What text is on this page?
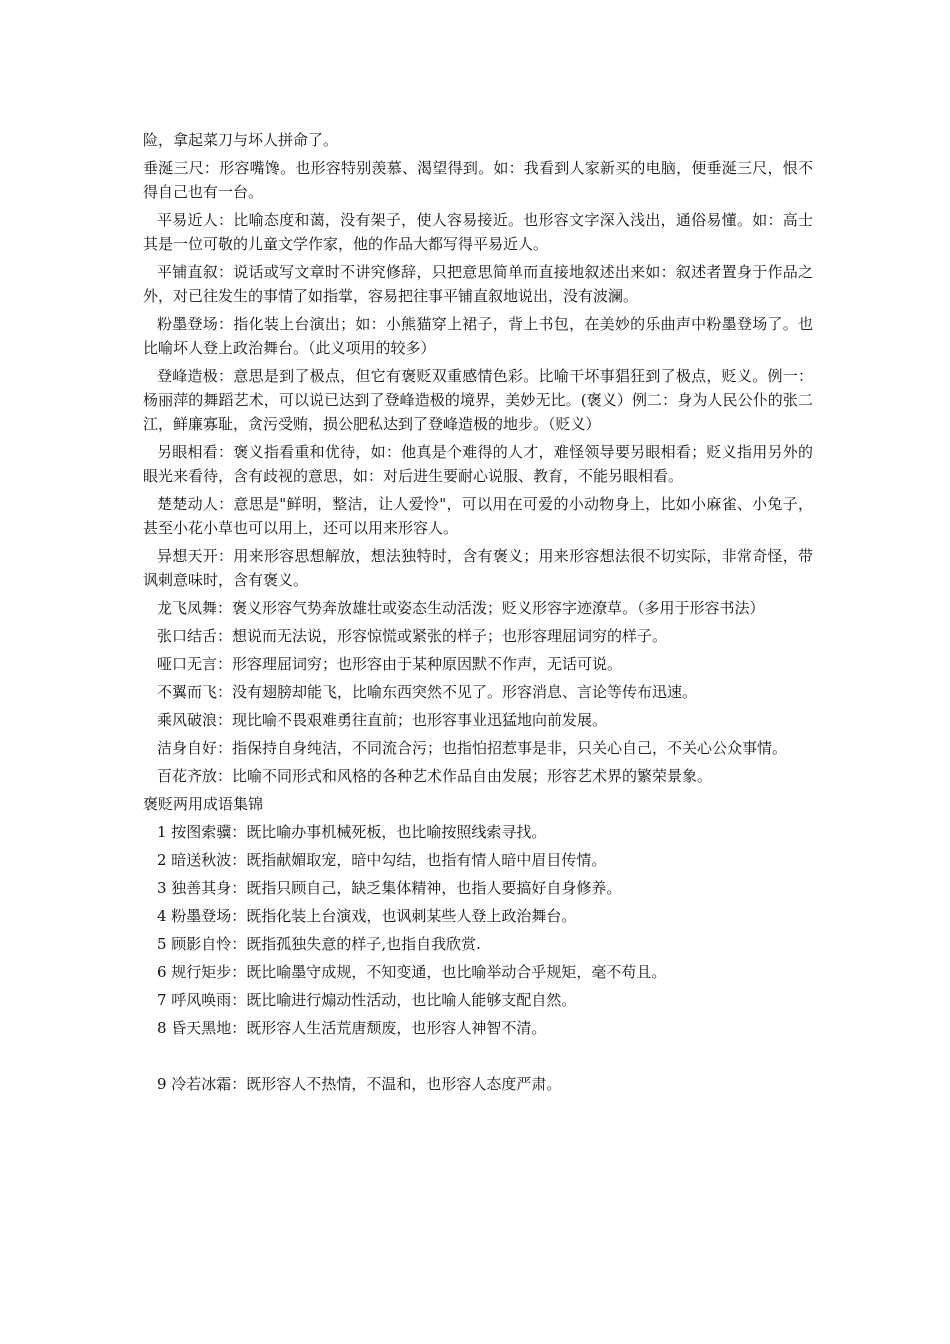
险，拿起菜刀与坏人拼命了。

垂涎三尺：形容嘴馋。也形容特别羡慕、渴望得到。如：我看到人家新买的电脑，便垂涎三尺，恨不得自己也有一台。

平易近人：比喻态度和蔼，没有架子，使人容易接近。也形容文字深入浅出，通俗易懂。如：高士其是一位可敬的儿童文学作家，他的作品大都写得平易近人。

平铺直叙：说话或写文章时不讲究修辞，只把意思简单而直接地叙述出来如：叙述者置身于作品之外，对已往发生的事情了如指掌，容易把往事平铺直叙地说出，没有波澜。

粉墨登场：指化装上台演出；如：小熊猫穿上裙子，背上书包，在美妙的乐曲声中粉墨登场了。也比喻坏人登上政治舞台。（此义项用的较多）

登峰造极：意思是到了极点，但它有褒贬双重感情色彩。比喻干坏事猖狂到了极点，贬义。例一：杨丽萍的舞蹈艺术，可以说已达到了登峰造极的境界，美妙无比。(褒义）例二：身为人民公仆的张二江，鲜廉寡耻，贪污受贿，损公肥私达到了登峰造极的地步。（贬义）

另眼相看：褒义指看重和优待，如：他真是个难得的人才，难怪领导要另眼相看；贬义指用另外的眼光来看待，含有歧视的意思，如：对后进生要耐心说服、教育，不能另眼相看。

楚楚动人：意思是"鲜明，整洁，让人爱怜"，可以用在可爱的小动物身上，比如小麻雀、小兔子，甚至小花小草也可以用上，还可以用来形容人。

异想天开：用来形容思想解放，想法独特时，含有褒义；用来形容想法很不切实际，非常奇怪，带讽刺意味时，含有褒义。

龙飞凤舞：褒义形容气势奔放雄壮或姿态生动活泼；贬义形容字迹潦草。（多用于形容书法）

张口结舌：想说而无法说，形容惊慌或紧张的样子；也形容理屈词穷的样子。

哑口无言：形容理屈词穷；也形容由于某种原因默不作声，无话可说。

不翼而飞：没有翅膀却能飞，比喻东西突然不见了。形容消息、言论等传布迅速。

乘风破浪：现比喻不畏艰难勇往直前；也形容事业迅猛地向前发展。

洁身自好：指保持自身纯洁，不同流合污；也指怕招惹事是非，只关心自己，不关心公众事情。

百花齐放：比喻不同形式和风格的各种艺术作品自由发展；形容艺术界的繁荣景象。

褒贬两用成语集锦

1 按图索骥：既比喻办事机械死板，也比喻按照线索寻找。

2 暗送秋波：既指献媚取宠，暗中勾结，也指有情人暗中眉目传情。

3 独善其身：既指只顾自己，缺乏集体精神，也指人要搞好自身修养。

4 粉墨登场：既指化装上台演戏，也讽刺某些人登上政治舞台。

5 顾影自怜：既指孤独失意的样子,也指自我欣赏.

6 规行矩步：既比喻墨守成规，不知变通，也比喻举动合乎规矩，毫不苟且。

7 呼风唤雨：既比喻进行煽动性活动，也比喻人能够支配自然。

8 昏天黑地：既形容人生活荒唐颓废，也形容人神智不清。

9 冷若冰霜：既形容人不热情，不温和，也形容人态度严肃。
